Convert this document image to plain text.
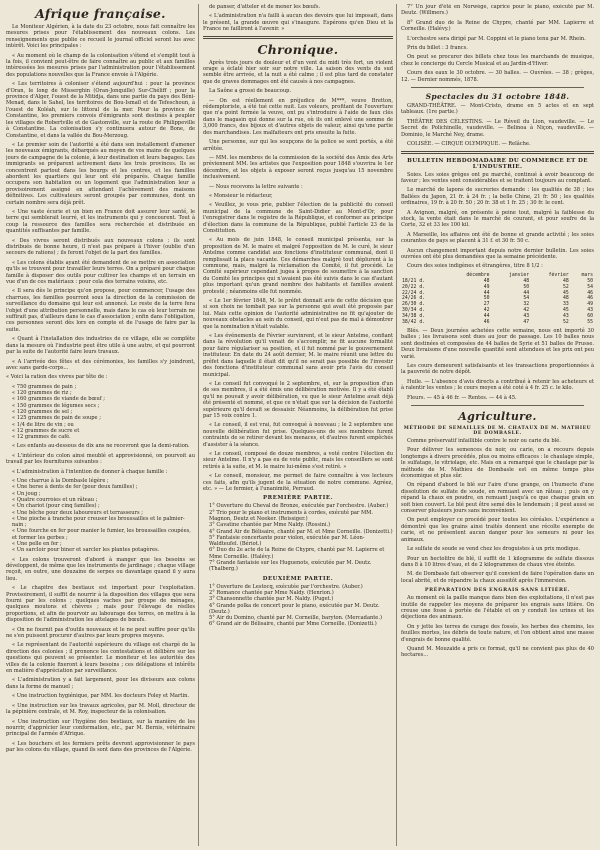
Afrique française.

Le Moniteur Algérien, à la date du 23 octobre, nous fait connaître les mesures prises pour l'établissement des nouveaux colons. Les renseignements que publie ce recueil le journal officiel seront lus avec intérêt. Voici les principales :

« Au moment où le champ de la colonisation s'étend et s'emplit tout à la fois, il convient peut-être de faire connaître au public et aux familles intéressées les mesures prises par l'administration pour l'établissement des populations nouvelles que la France envoie à l'Algérie.

« Les territoires à coloniser s'étend aujourd'hui : pour la province d'Oran, le long de Misserghin (Oran-Jonquille) Sur-Chéliff ; pour la province d'Alger, l'ouest de la Mitidja, dans une partie du pays des Béni-Menad, dans le Sahel, les territoires de Bou-Ismaïl et de Tefeschoun, à l'ouest de Koléah, sur le littoral de la mer. Pour la province de Constantine, les premiers convois d'émigrants sont destinés à peupler les villages de Robertville et de Gastonville, sur la route de Philippeville à Constantine. La colonisation s'y continuera autour de Bone, de Constantine, et dans la vallée du Bou-Merzoug.

« Le premier soin de l'autorité a été dans son installement d'amener les nouveaux émigrants, débarqués au moyen de vos mains de quelques jours de campagne de la colonie, à leur destination et leurs bagages. Les immigrants se préparent activement dans les trois provinces. Ils se concentrent partout dans les bourgs et les centres, et les familles abordent les quartiers qui leur ont été préparés. Chaque famille occupera son habitation ou un logement que l'administration leur a provisoirement assigné en attendant l'achèvement des maisons définitives. Les cultivateurs seront groupés par communes, dont un certain nombre sera déjà prêt.

« Une vaste écurie et un bien en France doit assurer leur santé, le terre qui semblerait leurré, et les instruments qui y concourent. Tout à coup la ressource des familles sera recherchée et distribuée en quantités suffisantes par famille.

« Des vivres seront distribués aux nouveaux colons : ils sont distribués de bonne heure, il n'est pas préparé à l'hiver (oublie d'un secours de rations) ; ils feront l'objet de la part des familles.

« Les colons établis ayant été demandent de se mettre en association qu'ils se trouvent pour travailler leurs terres. On a préparé pour chaque famille à disposer des outils pour cultiver les champs et un terrain en vue d'un de ces matériaux : pour cela des terrains voisins, etc.

« Il sera dès le principe qu'on propose, pour commencer, l'usage des charrues, les familles pourront sous la direction de la commission de surveillance du domaine qui leur est annoncé. Le reste de la terre fera l'objet d'une attribution personnelle, mais dans le cas où leur terrain ne suffirait pas, d'ailleurs dans le cas d'association ; enfin dans l'obligation, ces personnes seront dès lors en compte et de l'usage de faire par la suite.

« Quant à l'installation des industries de ce village, elle se complète dans la mesure où l'industrie peut être utile à une autre, et qui pourront par la suite de l'autorité faire leurs travaux.

« A l'arrivée des fêtes et des cérémonies, les familles s'y joindront, avec sans garde-corps...

« Voici la ration des vivres par tête de :

« 750 grammes de pain ;
« 120 grammes de riz ;
« 160 grammes de viande de bœuf ;
« 150 grammes de légumes secs ;
« 120 grammes de sel ;
« 125 grammes de pain de soupe ;
« 1/4 de litre de vin ; ou
« 12 grammes de sucre et
« 12 grammes de café.

« Les enfants au-dessous de dix ans ne recevront que la demi-ration.

« L'intérieur du colon ainsi meublé et approvisionné, on pourvoit au travail par les fournitures suivantes :

« L'administration à l'intention de donner à chaque famille :

« Une charrue à la Dombasle légère ;
« Une herse à dents de fer (pour deux familles) ;
« Un joug ;
« Quatre courroies et un râteau ;
« Un chariot (pour cinq familles) ;
« Une bêche pour deux laboureurs et terrasseurs ;
« Une pioche à tranche pour creuser les broussailles et le palmier-nain ;
« Une fourche en fer pour manier le fumier, les broussailles coupées, et former les gerbes ;
« Une pelle en fer ;
« Un sarcloir pour biner et sarcler les plantes potagères.

« Les colons trouveront d'abord à manger que les besoins se développent, de même que les instruments de jardinage ; chaque village reçoit, en outre, une douzaine de serpes ou davantage quand il y aura lieu.

« Le chapitre des bestiaux est important pour l'exploitation. Provisoirement, il suffit de nourrir à la disposition des villages que sera fourni par les colons ; quelques vaches par groupe de ménages, quelques moutons et chèvres ; mais pour l'élevage de réelles proportions, et afin de pourvoir au labourage des terres, on mettra à la disposition de l'administration les attelages de bœufs.

« On ne fournit pas d'outils nouveaux et le ne peut suffire pour qu'ils ne s'en puissent procurer d'autres par leurs propres moyens.

« Le représentant de l'autorité supérieure du village est chargé de la direction des colonies ; il prononce les contestations et délibère sur les questions qui peuvent se présenter. Le moniteur et les autorités des villes de la colonie fixeront à leurs besoins ; ces délégations et intérêts en matière d'appréciation par surveillance.

« L'administration y a fait largement, pour les diviseurs aux colons dans la forme de manuel ;

« Une instruction hygiénique, par MM. les docteurs Foley et Martin.

« Une instruction sur les travaux agricoles, par M. Moll, directeur de la pépinière centrale, et M. Roy, inspecteur de la colonisation.

« Une instruction sur l'hygiène des bestiaux, sur la manière de les nourrir, d'apprécier leur conformation, etc., par M. Bernis, vétérinaire principal de l'armée d'Afrique.

« Les bouchers et les fermiers prêts devront approvisionner le pays par les colons du village, quand ils sont dans des provinces de l'Algérie.

de panser, d'atteler et de mener les bœufs.

« L'administration n'a failli à aucun des devoirs que lui imposait, dans le présent, la grande œuvre qui s'inaugure. Espérons qu'en Dieu et la France ne failliront à l'avenir. »

Chronique.

Après trois jours de douleur et d'un vent du midi très fort, un violent orage a éclaté hier soir sur notre ville. La saison des vents du sud semble être arrivée, et la nuit a été calme ; il est plus tard de constater que de graves dommages ont été causés à nos campagnes.

La Saône a grossi de beaucoup.

— On est réellement en préjudice de M***, veuve Bretton, rédemptoriste, a été tué cette nuit. Les voleurs, profitant de l'ouverture que n'a point fermée la veuve, ont pu s'introduire à l'aide de faux clés dans le magasin qui donne sur la rue, où ils ont enlevé une somme de 3,000 francs, des bijoux et d'autres objets de valeur, ainsi qu'une partie des marchandises. Les malfaiteurs ont pris ensuite la fuite.

Une personne, sur qui les soupçons de la police se sont portés, a été arrêtée.

— MM. les membres de la commission de la société des Amis des Arts préviennent MM. les artistes que l'exposition pour 1848 s'ouvrira le 1er décembre, et les objets à exposer seront reçus jusqu'au 15 novembre inclusivement.

— Nous recevons la lettre suivante :

« Monsieur le rédacteur,

« Veuillez, je vous prie, publier l'élection de la publicité du conseil municipal de la commune de Saint-Didier au Mont-d'Or, pour l'enregistrer dans le registre de la République, et conformer au principe d'élection dans la commune de la République, publié l'article 23 de la Constitution.

« Au mois de juin 1848, le conseil municipal présenta, sur la proposition de M. le maire et malgré l'opposition de M. le curé, le sieur Antelme comme candidat aux fonctions d'instituteur communal, dont il remplissait la place vacante. Ces démarches malgré tout déplurent à la commune, mais, malgré la réclamation du Comité, il fut procédé. Le Comité supérieur cependant jugea à propos de soumettre à la sanction du Comité les principes qui n'avaient pas été suivis dans le cas d'autant plus important qu'un grand nombre des habitants et familles avaient protesté ; néanmoins elle fut nommée.

« Le 1er février 1848, M. le préfet donnait avis de cette décision que si son choix ne tombait pas sur la personne qui avait été proposée par lui. Mais cette opinion de l'autorité administrative ne fit qu'ajouter de nouveaux obstacles au sein du conseil, qui n'eut pas de mal à démontrer que la nomination n'était valable.

« Les événements de Février survinrent, et le sieur Antelme, confiant dans la révolution qu'il venait de s'accomplir, ne fit aucune formalité pour faire régulariser sa position, et il fut nommé par le gouvernement instituteur. En date du 24 août dernier, M. le maire réunit une lettre du préfet dans laquelle il était dit qu'il ne serait pas possible de l'investir des fonctions d'instituteur communal sans avoir pris l'avis du conseil municipal.

« Le conseil fut convoqué le 2 septembre, et, sur la proposition d'un de ses membres, il a été émis une délibération motivée. Il y a été établi qu'il ne pouvait y avoir délibération, vu que le sieur Antelme avait déjà été présenté et nommé, et que ce n'était que sur la décision de l'autorité supérieure qu'il devait se dessaisir. Néanmoins, la délibération fut prise par 15 voix contre 1.

« Le conseil, il est vrai, fut convoqué à nouveau ; le 2 septembre une nouvelle délibération fut prise. Quelques-uns de ses membres furent contraints de se retirer devant les menaces, et d'autres furent empêchés d'assister à la séance.

« Le conseil, composé de douze membres, a voté contre l'élection du sieur Antelme. Il n'y a pas eu de vote public, mais les conseillers se sont retirés à la suite, et M. le maire lui-même s'est retiré. »

« Le conseil, monsieur, me permet de faire connaître à vos lecteurs ces faits, afin qu'ils jugent de la situation de notre commune. Agréez, etc. » — Le fermier, à l'unanimité, Perraud.

PREMIÈRE PARTIE.
1° Ouverture du Cheval de Bronze, exécutée par l'orchestre. (Auber.)
2° Trio pour le piano et instruments à cordes, exécuté par MM. Magnon, Deutz et Neeker. (Reissiger.)
3° Cavatine chantée par Mme Naldy. (Rossini.)
4° Grand Air de Bélisaire, chanté par M. et Mme Corneille. (Donizetti.)
5° Fantaisie concertante pour violon, exécutée par M. Léon-Waldteufel. (Bériot.)
6° Duo du 2e acte de la Reine de Chypre, chanté par M. Lapierre et Mme Corneille. (Halévy.)
7° Grande fantaisie sur les Huguenots, exécutée par M. Deutz. (Thalberg.)
DEUXIÈME PARTIE.
1° Ouverture de Lestocq, exécutée par l'orchestre. (Auber.)
2° Romance chantée par Mme Naldy. (Henrion.)
3° Chansonnette chantée par M. Naldy. (Puget.)
4° Grande polka de concert pour le piano, exécutée par M. Deutz. (Deutz.)
5° Air du Domino, chanté par M. Corneille, baryton. (Mercadante.)
6° Grand air de Bélisaire, chanté par Mme Corneille. (Donizetti.)

7° Un jour d'été en Norwège, caprice pour le piano, exécuté par M. Deutz. (Willmers.)

8° Grand duo de la Reine de Chypre, chanté par MM. Lapierre et Corneille. (Halévy.)

L'orchestre sera dirigé par M. Coppini et le piano tenu par M. Rhein.

Prix du billet : 3 francs.

On peut se procurer des billets chez tous les marchands de musique, chez le concierge du Cercle Musical et au Jardin-d'Hiver.

Cours des eaux le 30 octobre. — 30 balles. — Ouvrées. — 38 ; grèges, 12. — Dernier nommés, 1878.

Spectacles du 31 octobre 1848.

GRAND-THÉÂTRE. — Mont-Cristo, drame en 5 actes et en sept tableaux. (1re partie.)

THÉÂTRE DES CÉLESTINS. — Le Réveil du Lion, vaudeville. — Le Secret de Polichinelle, vaudeville. — Belinoa à Niçon, vaudeville. — Dominio, le Marché Ney, drame.

COLISÉE. — CIRQUE OLYMPIQUE. — Relâche.

BULLETIN HEBDOMADAIRE DU COMMERCE ET DE L'INDUSTRIE.

Soies. Les soies grèges ont pu marché, continué à avoir beaucoup de faveur ; les ventes sont considérables et se traitent toujours au comptant.

Le marché de lapons de sucreries demande : les qualités de 38 ; les Ballées du Japon, 21 fr. à 24 fr. ; la belle Chine, 21 fr. 50 ; les qualités ordinaires, 19 fr. à 20 fr. 50 ; 20 fr. 38 et 1 fr. 25 ; 30 fr. le cent.

A Avignon, malgré, on présente à peine tout, malgré la faiblesse du stock, la vente était dans le marché de courant, et pour soufre de la Corte, 32 et 33 les 100 kil.

A Marseille, les affaires ont été de bonne et grande activité ; les soies courantes de pays se placent à 31 f. et 30 fr. 50 c.

Aucun changement important depuis notre dernier bulletin. Les soies ouvrées ont été plus demandées que la semaine précédente.

Cours des soies indigènes et étrangères, titre 8 1/2 :

	décembre	janvier	février	mars
18/21 d.	48	48	48	50
20/22 d.	49	50	52	54
22/24 d.	44	44	45	46
24/26 d.	50	54	48	46
26/30 d.	27	32	33	49
30/34 d.	42	42	45	43
34/38 d.	44	43	43	60
38/42 d.	46	47	52	55

Blés. — Deux journées achetées cette semaine, nous ont importé 30 balles ; les livraisons sont dues au jour de passage. Les 10 balles nous sont destinées et composées de 44 balles de Syrie et 51 balles de Prusse. Deux livraisons d'une nouvelle quantité sont attendues et les prix ont peu varié.

Les cours demeurent satisfaisants et les transactions proportionnées à la pauvreté de notre dépôt.

Huile. — L'absence d'avis directs a contribué à retenir les acheteurs et à ralentir les ventes ; le cours moyen a été coté à 4 fr. 25 c. le kilo.

Fleurs. — 45 à 46 fr. — Rentes. — 44 à 45.

Agriculture.
MÉTHODE DE SEMAILLES DE M. CHATAUX DE M. MATHIEU DE DOMBASLE.

Comme préservatif infaillible contre le noir ou carie du blé.

Pour délivrer les semences du noir, ou carie, on a recours depuis longtemps à divers procédés, plus ou moins efficaces : le chaulage simple, le sulfatage, le vitriolage, etc. Mais on a remarqué que le chaulage par la méthode de M. Mathieu de Dombasle est en même temps plus économique et plus sûr.

On répand d'abord le blé sur l'aire d'une grange, on l'humecte d'une dissolution de sulfate de soude, en remuant avec un râteau ; puis on y répand la chaux en poudre, en remuant jusqu'à ce que chaque grain en soit bien couvert. Le blé peut être semé dès le lendemain ; il peut aussi se conserver plusieurs jours sans inconvénient.

On peut employer ce procédé pour toutes les céréales. L'expérience a démontré que les grains ainsi traités donnent une récolte exempte de carie, et ne présentent aucun danger pour les semeurs ni pour les animaux.

Le sulfate de soude se vend chez les droguistes à un prix modique.

Pour un hectolitre de blé, il suffit de 1 kilogramme de sulfate dissous dans 8 à 10 litres d'eau, et de 2 kilogrammes de chaux vive éteinte.

M. de Dombasle fait observer qu'il convient de faire l'opération dans un local abrité, et de répandre la chaux aussitôt après l'immersion.

PRÉPARATION DES ENGRAIS SANS LITIÈRE.

Au moment où la paille manque dans bien des exploitations, il n'est pas inutile de rappeler les moyens de préparer les engrais sans litière. On creuse une fosse à portée de l'étable et on y conduit les urines et les déjections des animaux.

On y jette les terres de curage des fossés, les herbes des chemins, les feuilles mortes, les débris de toute nature, et l'on obtient ainsi une masse d'engrais de bonne qualité.

Quand M. Mouzaïde a pris ce format, qu'il ne convient pas plus de 40 hectares...
